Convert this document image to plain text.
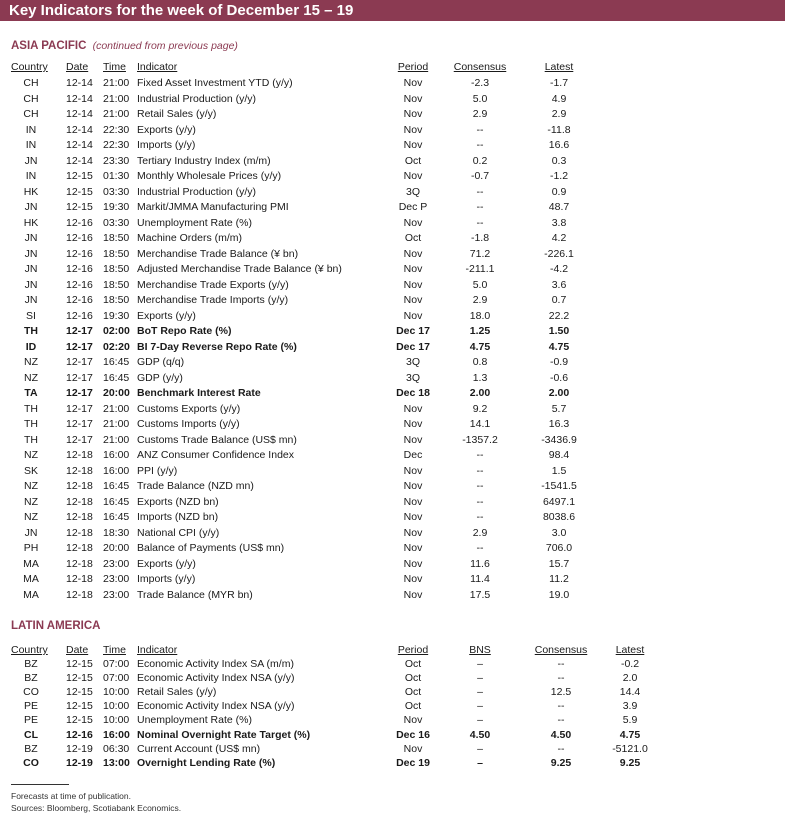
Key Indicators for the week of December 15 – 19
ASIA PACIFIC (continued from previous page)
Country Date Time Indicator	Period	Consensus	Latest
CH	12-14 21:00 Fixed Asset Investment YTD (y/y)	Nov	-2.3	-1.7
CH	12-14 21:00 Industrial Production (y/y)	Nov	5.0	4.9
CH	12-14 21:00 Retail Sales (y/y)	Nov	2.9	2.9
IN	12-14 22:30 Exports (y/y)	Nov	--	-11.8
IN	12-14 22:30 Imports (y/y)	Nov	--	16.6
JN	12-14 23:30 Tertiary Industry Index (m/m)	Oct	0.2	0.3
IN	12-15 01:30 Monthly Wholesale Prices (y/y)	Nov	-0.7	-1.2
HK	12-15 03:30 Industrial Production (y/y)	3Q	--	0.9
JN	12-15 19:30 Markit/JMMA Manufacturing PMI	Dec P	--	48.7
HK	12-16 03:30 Unemployment Rate (%)	Nov	--	3.8
JN	12-16 18:50 Machine Orders (m/m)	Oct	-1.8	4.2
JN	12-16 18:50 Merchandise Trade Balance (¥ bn)	Nov	71.2	-226.1
JN	12-16 18:50 Adjusted Merchandise Trade Balance (¥ bn)	Nov	-211.1	-4.2
JN	12-16 18:50 Merchandise Trade Exports (y/y)	Nov	5.0	3.6
JN	12-16 18:50 Merchandise Trade Imports (y/y)	Nov	2.9	0.7
SI	12-16 19:30 Exports (y/y)	Nov	18.0	22.2
TH	12-17 02:00 BoT Repo Rate (%)	Dec 17	1.25	1.50
ID	12-17 02:20 BI 7-Day Reverse Repo Rate (%)	Dec 17	4.75	4.75
NZ	12-17 16:45 GDP (q/q)	3Q	0.8	-0.9
NZ	12-17 16:45 GDP (y/y)	3Q	1.3	-0.6
TA	12-17 20:00 Benchmark Interest Rate	Dec 18	2.00	2.00
TH	12-17 21:00 Customs Exports (y/y)	Nov	9.2	5.7
TH	12-17 21:00 Customs Imports (y/y)	Nov	14.1	16.3
TH	12-17 21:00 Customs Trade Balance (US$ mn)	Nov	-1357.2	-3436.9
NZ	12-18 16:00 ANZ Consumer Confidence Index	Dec	--	98.4
SK	12-18 16:00 PPI (y/y)	Nov	--	1.5
NZ	12-18 16:45 Trade Balance (NZD mn)	Nov	--	-1541.5
NZ	12-18 16:45 Exports (NZD bn)	Nov	--	6497.1
NZ	12-18 16:45 Imports (NZD bn)	Nov	--	8038.6
JN	12-18 18:30 National CPI (y/y)	Nov	2.9	3.0
PH	12-18 20:00 Balance of Payments (US$ mn)	Nov	--	706.0
MA	12-18 23:00 Exports (y/y)	Nov	11.6	15.7
MA	12-18 23:00 Imports (y/y)	Nov	11.4	11.2
MA	12-18 23:00 Trade Balance (MYR bn)	Nov	17.5	19.0
LATIN AMERICA
Country Date Time Indicator	Period	BNS	Consensus	Latest
BZ	12-15 07:00 Economic Activity Index SA (m/m)	Oct	–	--	-0.2
BZ	12-15 07:00 Economic Activity Index NSA (y/y)	Oct	–	--	2.0
CO	12-15 10:00 Retail Sales (y/y)	Oct	–	12.5	14.4
PE	12-15 10:00 Economic Activity Index NSA (y/y)	Oct	–	--	3.9
PE	12-15 10:00 Unemployment Rate (%)	Nov	–	--	5.9
CL	12-16 16:00 Nominal Overnight Rate Target (%)	Dec 16	4.50	4.50	4.75
BZ	12-19 06:30 Current Account (US$ mn)	Nov	–	--	-5121.0
CO	12-19 13:00 Overnight Lending Rate (%)	Dec 19	–	9.25	9.25
Forecasts at time of publication.
Sources: Bloomberg, Scotiabank Economics.
